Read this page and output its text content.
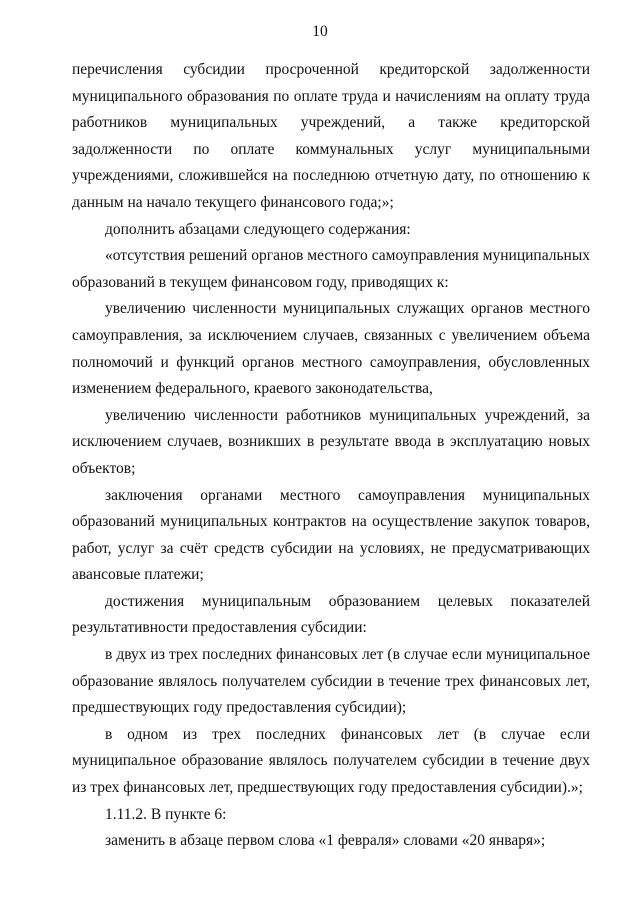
10

перечисления субсидии просроченной кредиторской задолженности муниципального образования по оплате труда и начислениям на оплату труда работников муниципальных учреждений, а также кредиторской задолженности по оплате коммунальных услуг муниципальными учреждениями, сложившейся на последнюю отчетную дату, по отношению к данным на начало текущего финансового года;»;

дополнить абзацами следующего содержания:

«отсутствия решений органов местного самоуправления муниципальных образований в текущем финансовом году, приводящих к:

увеличению численности муниципальных служащих органов местного самоуправления, за исключением случаев, связанных с увеличением объема полномочий и функций органов местного самоуправления, обусловленных изменением федерального, краевого законодательства,

увеличению численности работников муниципальных учреждений, за исключением случаев, возникших в результате ввода в эксплуатацию новых объектов;

заключения органами местного самоуправления муниципальных образований муниципальных контрактов на осуществление закупок товаров, работ, услуг за счёт средств субсидии на условиях, не предусматривающих авансовые платежи;

достижения муниципальным образованием целевых показателей результативности предоставления субсидии:

в двух из трех последних финансовых лет (в случае если муниципальное образование являлось получателем субсидии в течение трех финансовых лет, предшествующих году предоставления субсидии);

в одном из трех последних финансовых лет (в случае если муниципальное образование являлось получателем субсидии в течение двух из трех финансовых лет, предшествующих году предоставления субсидии).»;

1.11.2. В пункте 6:

заменить в абзаце первом слова «1 февраля» словами «20 января»;
